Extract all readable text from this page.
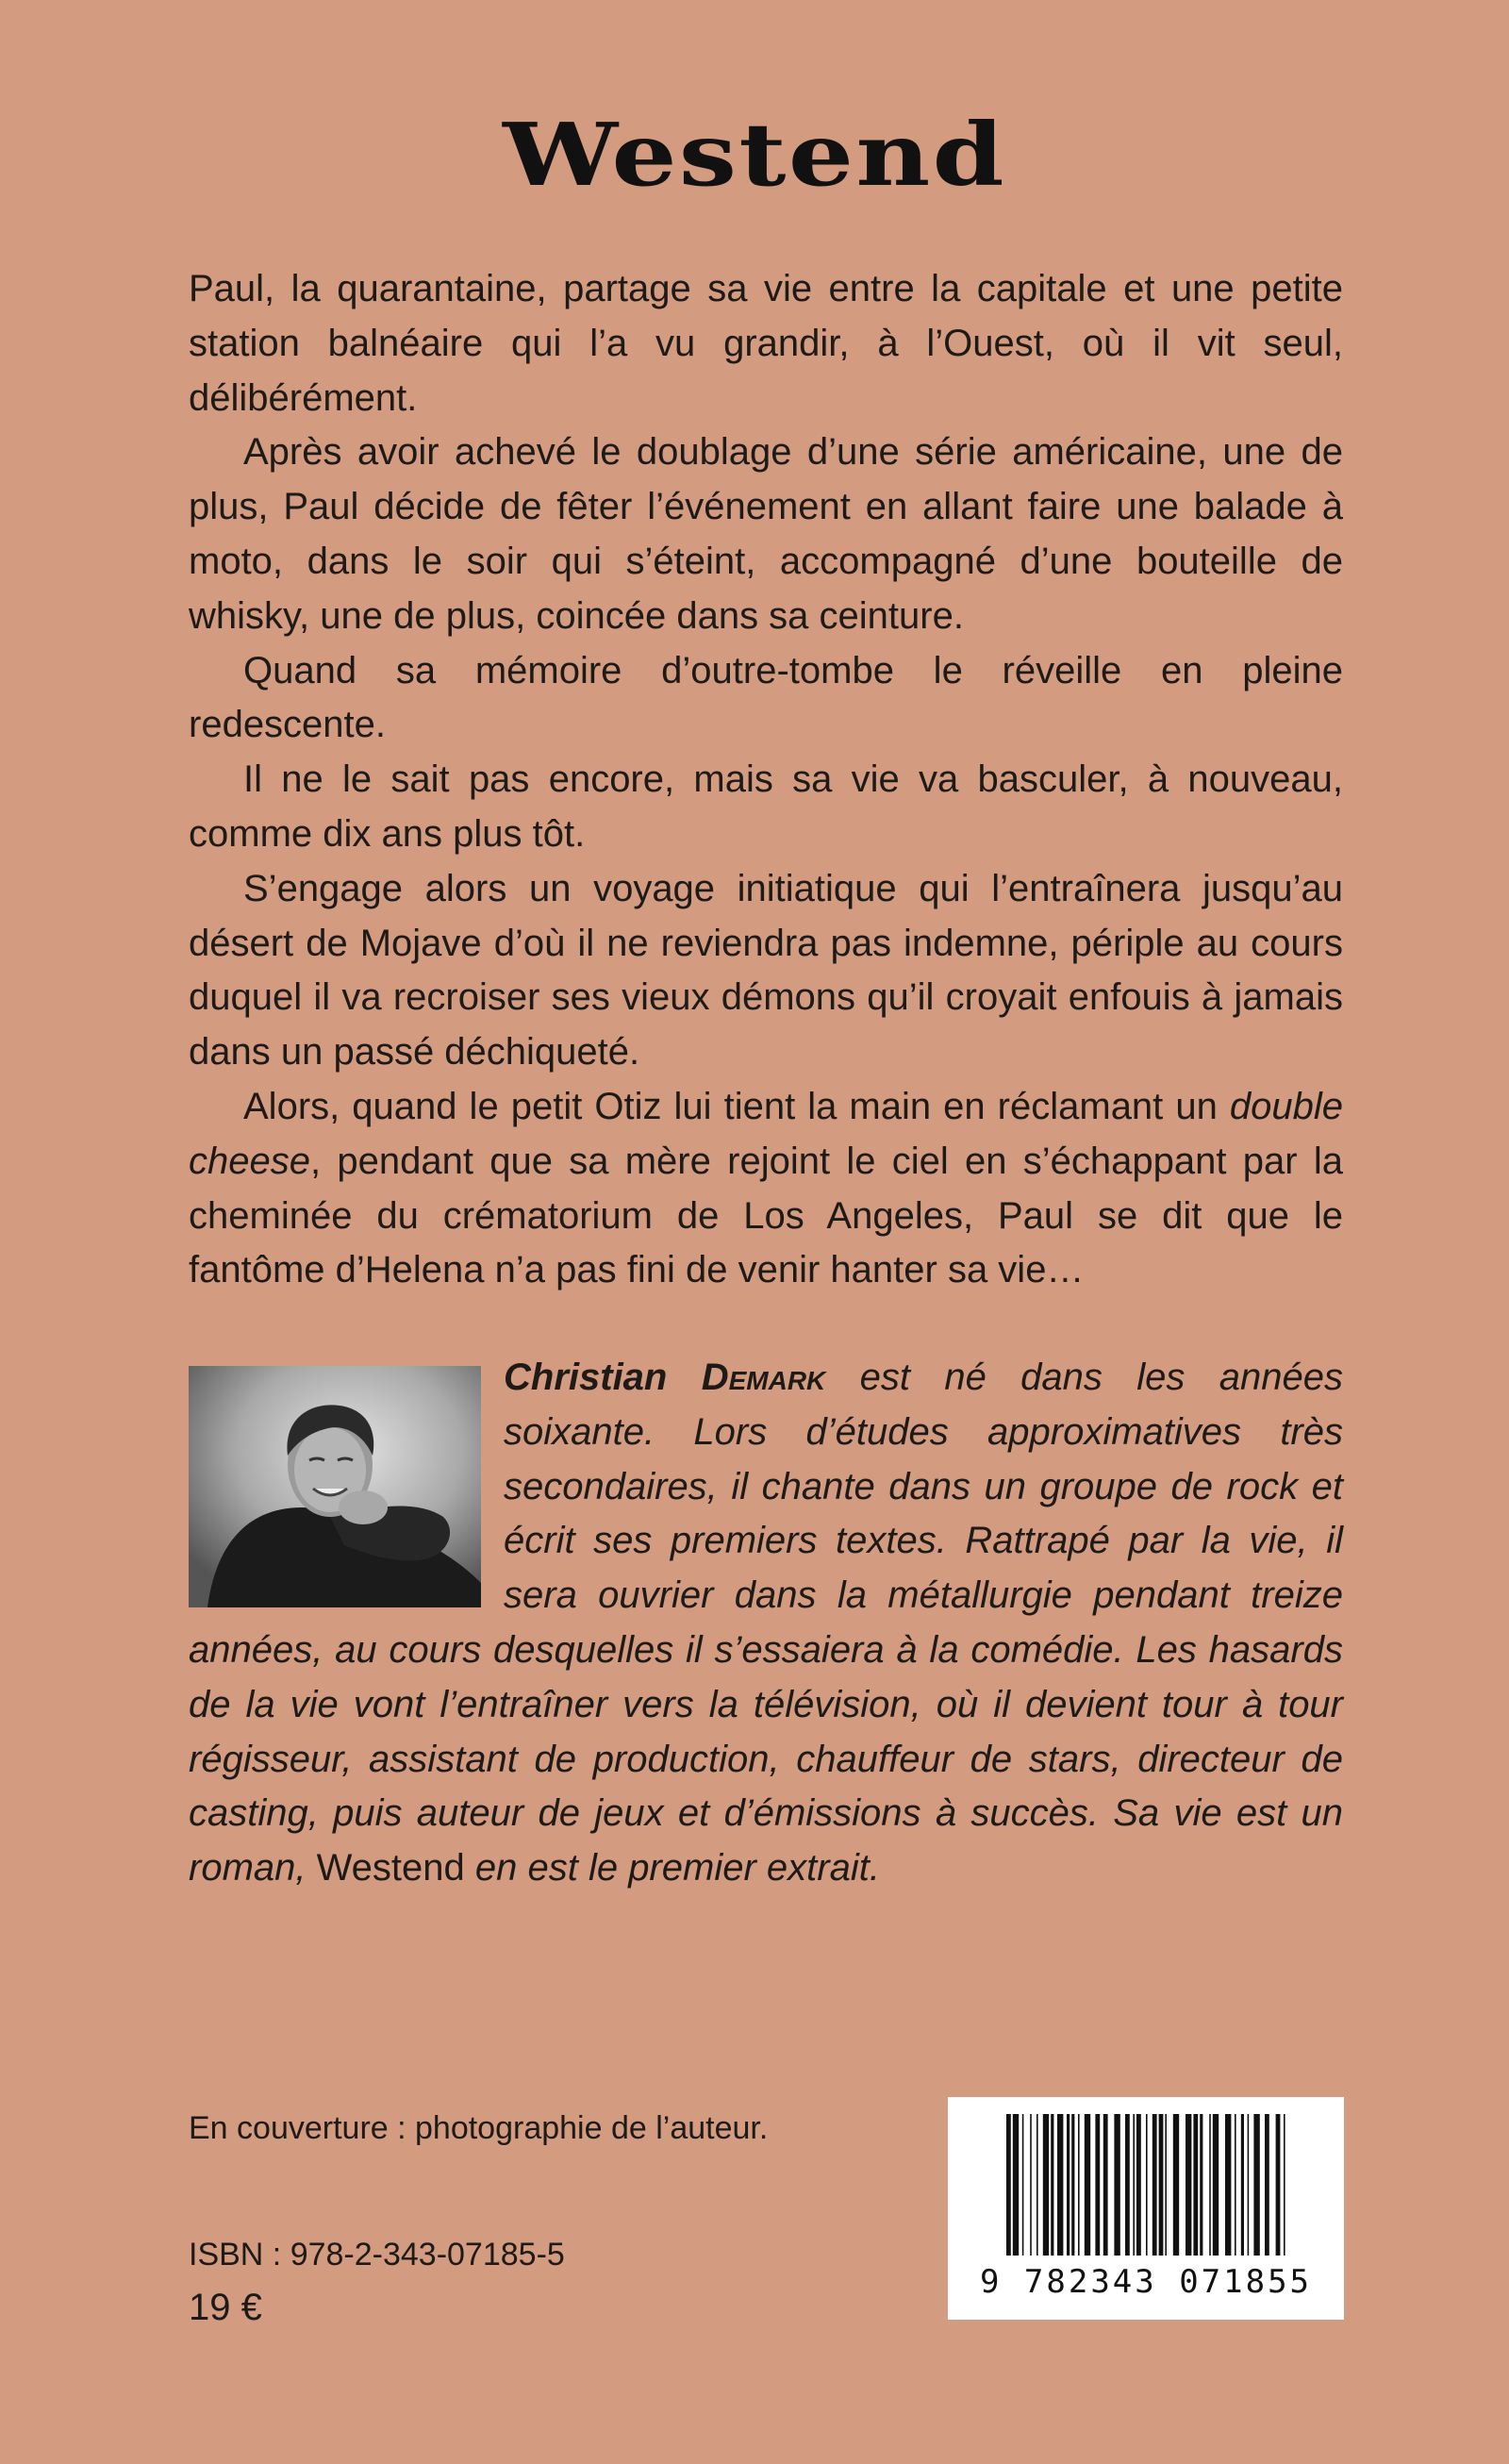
Westend

Paul, la quarantaine, partage sa vie entre la capitale et une petite station balnéaire qui l’a vu grandir, à l’Ouest, où il vit seul, délibérément.

Après avoir achevé le doublage d’une série américaine, une de plus, Paul décide de fêter l’événement en allant faire une balade à moto, dans le soir qui s’éteint, accompagné d’une bouteille de whisky, une de plus, coincée dans sa ceinture.

Quand sa mémoire d’outre-tombe le réveille en pleine redescente.

Il ne le sait pas encore, mais sa vie va basculer, à nouveau, comme dix ans plus tôt.

S’engage alors un voyage initiatique qui l’entraînera jusqu’au désert de Mojave d’où il ne reviendra pas indemne, périple au cours duquel il va recroiser ses vieux démons qu’il croyait enfouis à jamais dans un passé déchiqueté.

Alors, quand le petit Otiz lui tient la main en réclamant un double cheese, pendant que sa mère rejoint le ciel en s’échappant par la cheminée du crématorium de Los Angeles, Paul se dit que le fantôme d’Helena n’a pas fini de venir hanter sa vie…

Christian Demark est né dans les années soixante. Lors d’études approximatives très secondaires, il chante dans un groupe de rock et écrit ses premiers textes. Rattrapé par la vie, il sera ouvrier dans la métallurgie pendant treize années, au cours desquelles il s’essaiera à la comédie. Les hasards de la vie vont l’entraîner vers la télévision, où il devient tour à tour régisseur, assistant de production, chauffeur de stars, directeur de casting, puis auteur de jeux et d’émissions à succès. Sa vie est un roman, Westend en est le premier extrait.
En couverture : photographie de l’auteur.
ISBN : 978-2-343-07185-5
19 €
9 782343 071855
